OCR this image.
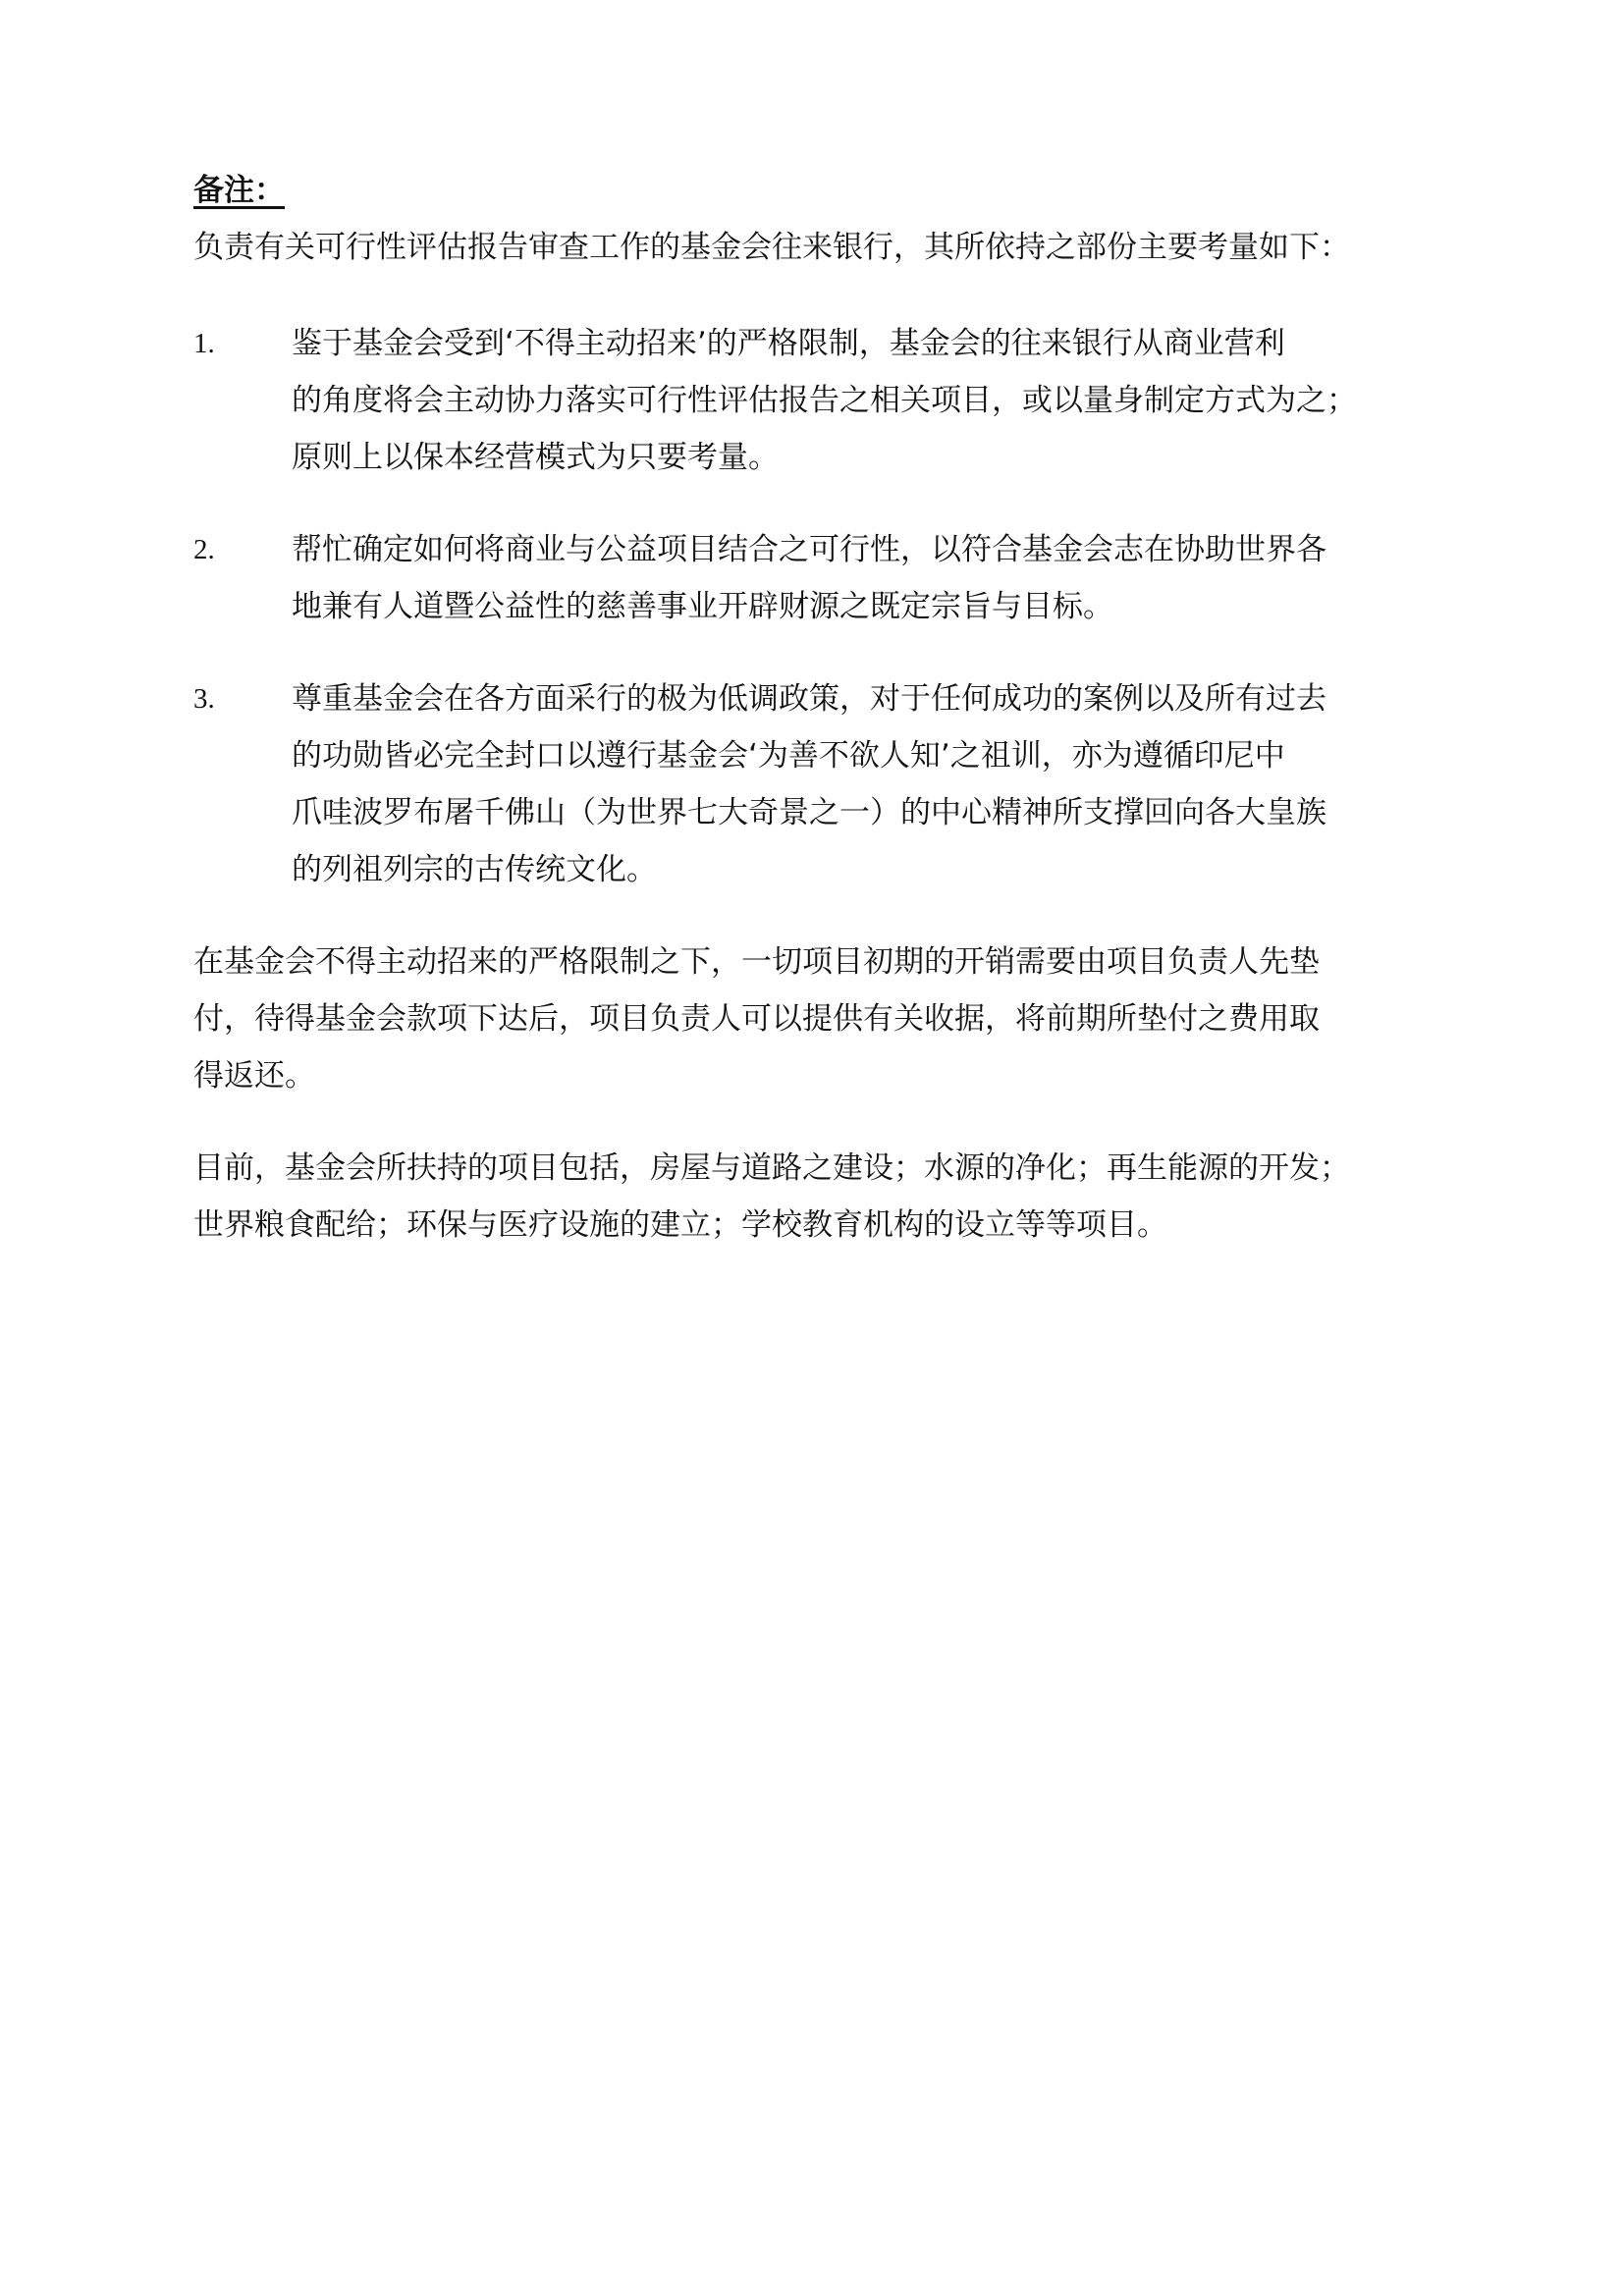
备注：

负责有关可行性评估报告审查工作的基金会往来银行，其所依持之部份主要考量如下：

1.	鉴于基金会受到‘不得主动招来’的严格限制，基金会的往来银行从商业营利
的角度将会主动协力落实可行性评估报告之相关项目，或以量身制定方式为之；
原则上以保本经营模式为只要考量。
2.	帮忙确定如何将商业与公益项目结合之可行性，以符合基金会志在协助世界各
地兼有人道暨公益性的慈善事业开辟财源之既定宗旨与目标。
3.	尊重基金会在各方面采行的极为低调政策，对于任何成功的案例以及所有过去
的功勋皆必完全封口以遵行基金会‘为善不欲人知’之祖训，亦为遵循印尼中
爪哇波罗布屠千佛山（为世界七大奇景之一）的中心精神所支撑回向各大皇族
的列祖列宗的古传统文化。

在基金会不得主动招来的严格限制之下，一切项目初期的开销需要由项目负责人先垫
付，待得基金会款项下达后，项目负责人可以提供有关收据，将前期所垫付之费用取
得返还。

目前，基金会所扶持的项目包括，房屋与道路之建设；水源的净化；再生能源的开发；
世界粮食配给；环保与医疗设施的建立；学校教育机构的设立等等项目。
